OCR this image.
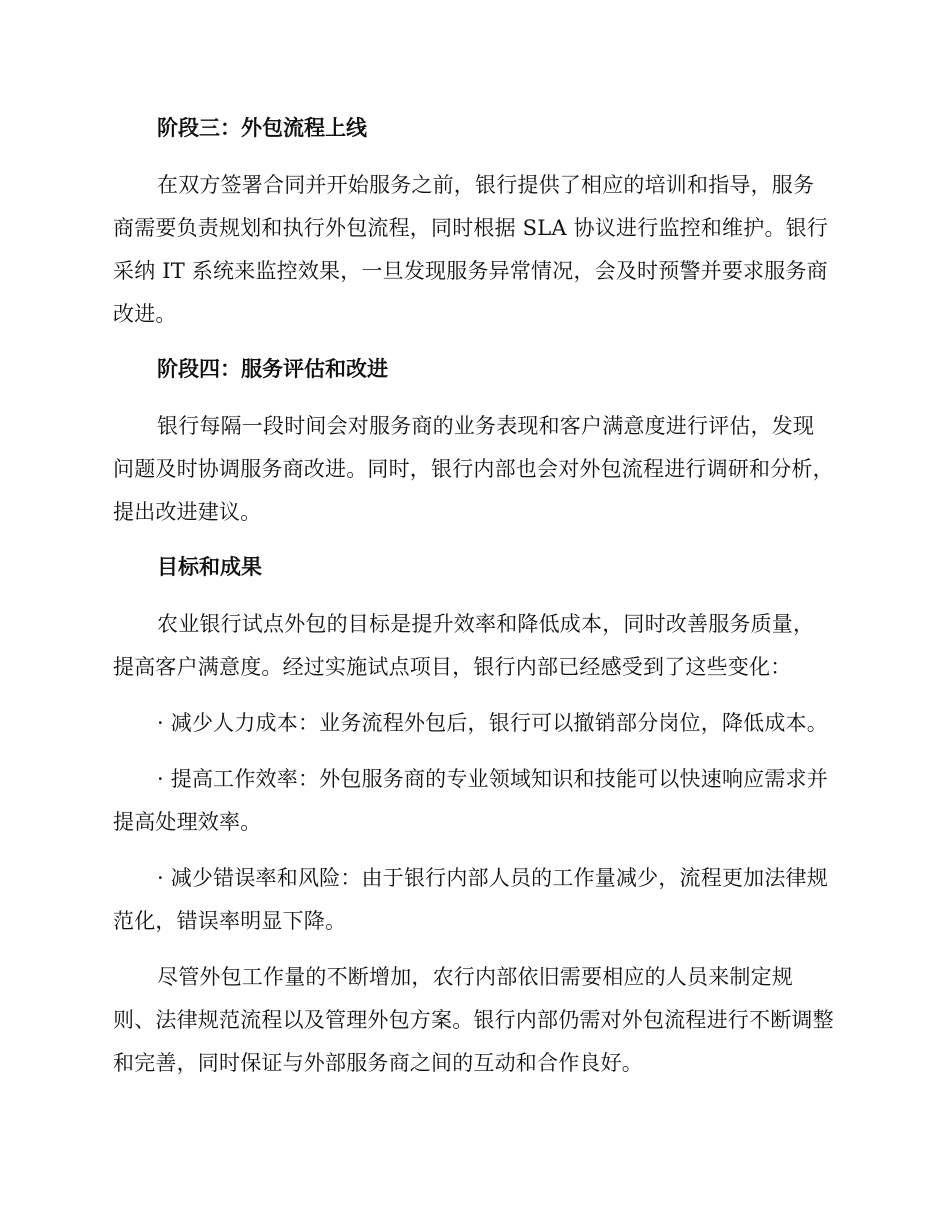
阶段三：外包流程上线

在双方签署合同并开始服务之前，银行提供了相应的培训和指导，服务商需要负责规划和执行外包流程，同时根据 SLA 协议进行监控和维护。银行采纳 IT 系统来监控效果，一旦发现服务异常情况，会及时预警并要求服务商改进。

阶段四：服务评估和改进

银行每隔一段时间会对服务商的业务表现和客户满意度进行评估，发现问题及时协调服务商改进。同时，银行内部也会对外包流程进行调研和分析，提出改进建议。

目标和成果

农业银行试点外包的目标是提升效率和降低成本，同时改善服务质量，提高客户满意度。经过实施试点项目，银行内部已经感受到了这些变化：

· 减少人力成本：业务流程外包后，银行可以撤销部分岗位，降低成本。

· 提高工作效率：外包服务商的专业领域知识和技能可以快速响应需求并提高处理效率。

· 减少错误率和风险：由于银行内部人员的工作量减少，流程更加法律规范化，错误率明显下降。

尽管外包工作量的不断增加，农行内部依旧需要相应的人员来制定规则、法律规范流程以及管理外包方案。银行内部仍需对外包流程进行不断调整和完善，同时保证与外部服务商之间的互动和合作良好。
